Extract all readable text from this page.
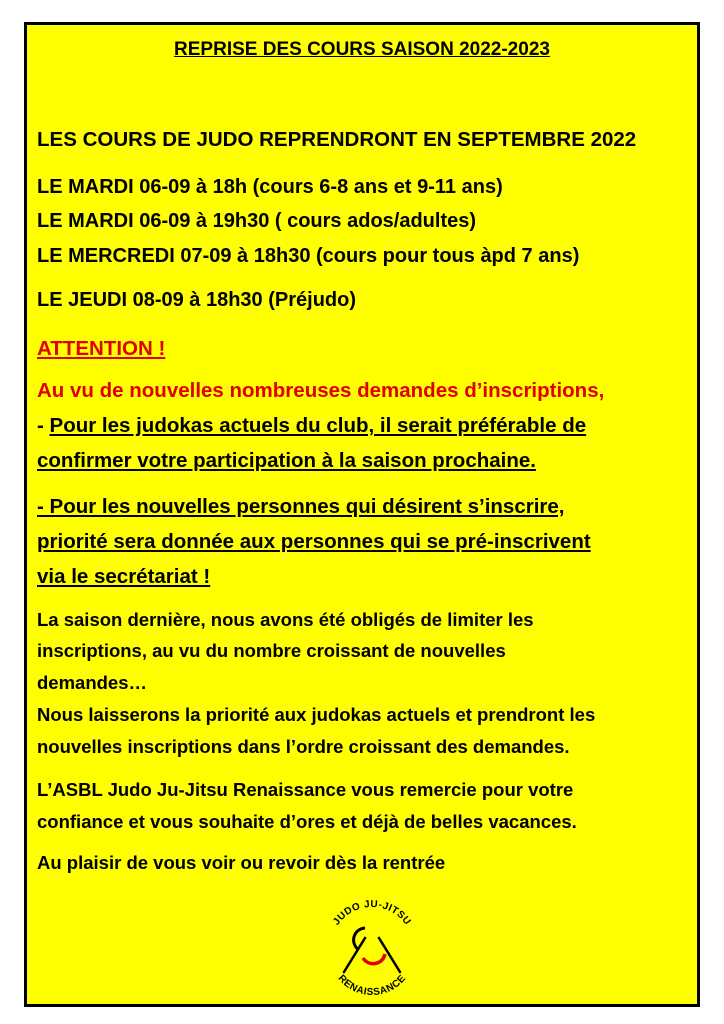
REPRISE DES COURS SAISON 2022-2023
LES COURS DE JUDO REPRENDRONT EN SEPTEMBRE 2022
LE MARDI 06-09 à 18h (cours 6-8 ans et 9-11 ans)
LE MARDI 06-09 à 19h30 ( cours ados/adultes)
LE MERCREDI 07-09 à 18h30 (cours pour tous àpd 7 ans)
LE JEUDI 08-09 à 18h30 (Préjudo)
ATTENTION !
Au vu de nouvelles nombreuses demandes d’inscriptions,
- Pour les judokas actuels du club, il serait préférable de
confirmer votre participation à la saison prochaine.
- Pour les nouvelles personnes qui désirent s’inscrire,
priorité sera donnée aux personnes qui se pré-inscrivent
via le secrétariat !
La saison dernière, nous avons été obligés de limiter les
inscriptions, au vu du nombre croissant de nouvelles
demandes…
Nous laisserons la priorité aux judokas actuels et prendront les
nouvelles inscriptions dans l’ordre croissant des demandes.
L’ASBL Judo Ju-Jitsu Renaissance vous remercie pour votre
confiance et vous souhaite d’ores et déjà de belles vacances.
Au plaisir de vous voir ou revoir dès la rentrée
JUDO JU-JITSU
RENAISSANCE
